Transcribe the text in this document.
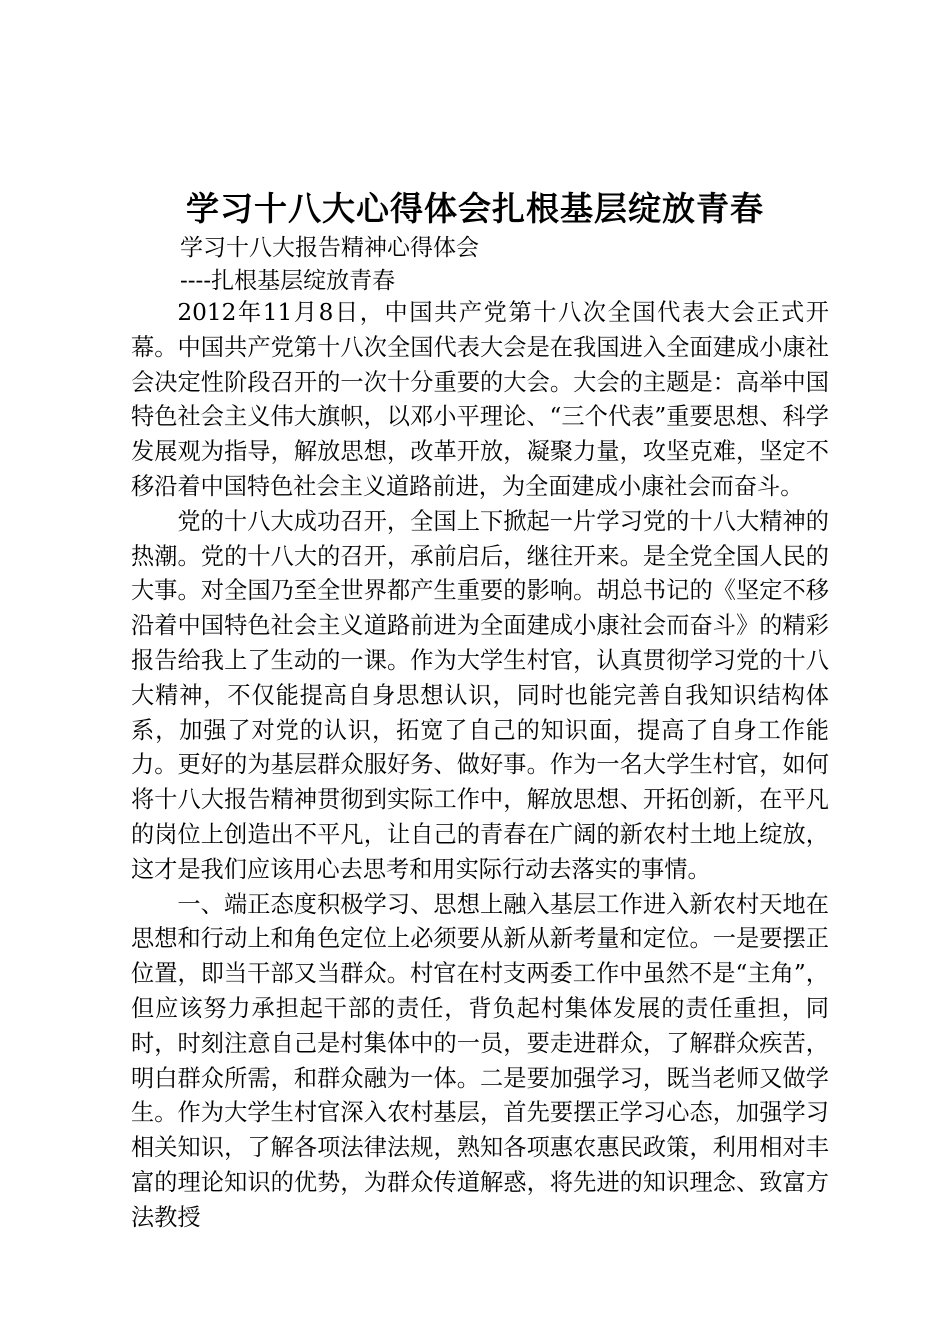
学习十八大心得体会扎根基层绽放青春
学习十八大报告精神心得体会
----扎根基层绽放青春

2012年11月8日，中国共产党第十八次全国代表大会正式开幕。中国共产党第十八次全国代表大会是在我国进入全面建成小康社会决定性阶段召开的一次十分重要的大会。大会的主题是：高举中国特色社会主义伟大旗帜，以邓小平理论、“三个代表”重要思想、科学发展观为指导，解放思想，改革开放，凝聚力量，攻坚克难，坚定不移沿着中国特色社会主义道路前进，为全面建成小康社会而奋斗。

党的十八大成功召开，全国上下掀起一片学习党的十八大精神的热潮。党的十八大的召开，承前启后，继往开来。是全党全国人民的大事。对全国乃至全世界都产生重要的影响。胡总书记的《坚定不移沿着中国特色社会主义道路前进为全面建成小康社会而奋斗》的精彩报告给我上了生动的一课。作为大学生村官，认真贯彻学习党的十八大精神，不仅能提高自身思想认识，同时也能完善自我知识结构体系，加强了对党的认识，拓宽了自己的知识面，提高了自身工作能力。更好的为基层群众服好务、做好事。作为一名大学生村官，如何将十八大报告精神贯彻到实际工作中，解放思想、开拓创新，在平凡的岗位上创造出不平凡，让自己的青春在广阔的新农村土地上绽放，这才是我们应该用心去思考和用实际行动去落实的事情。

一、端正态度积极学习、思想上融入基层工作进入新农村天地在思想和行动上和角色定位上必须要从新从新考量和定位。一是要摆正位置，即当干部又当群众。村官在村支两委工作中虽然不是“主角”，但应该努力承担起干部的责任，背负起村集体发展的责任重担，同时，时刻注意自己是村集体中的一员，要走进群众，了解群众疾苦，明白群众所需，和群众融为一体。二是要加强学习，既当老师又做学生。作为大学生村官深入农村基层，首先要摆正学习心态，加强学习相关知识，了解各项法律法规，熟知各项惠农惠民政策，利用相对丰富的理论知识的优势，为群众传道解惑，将先进的知识理念、致富方法教授
